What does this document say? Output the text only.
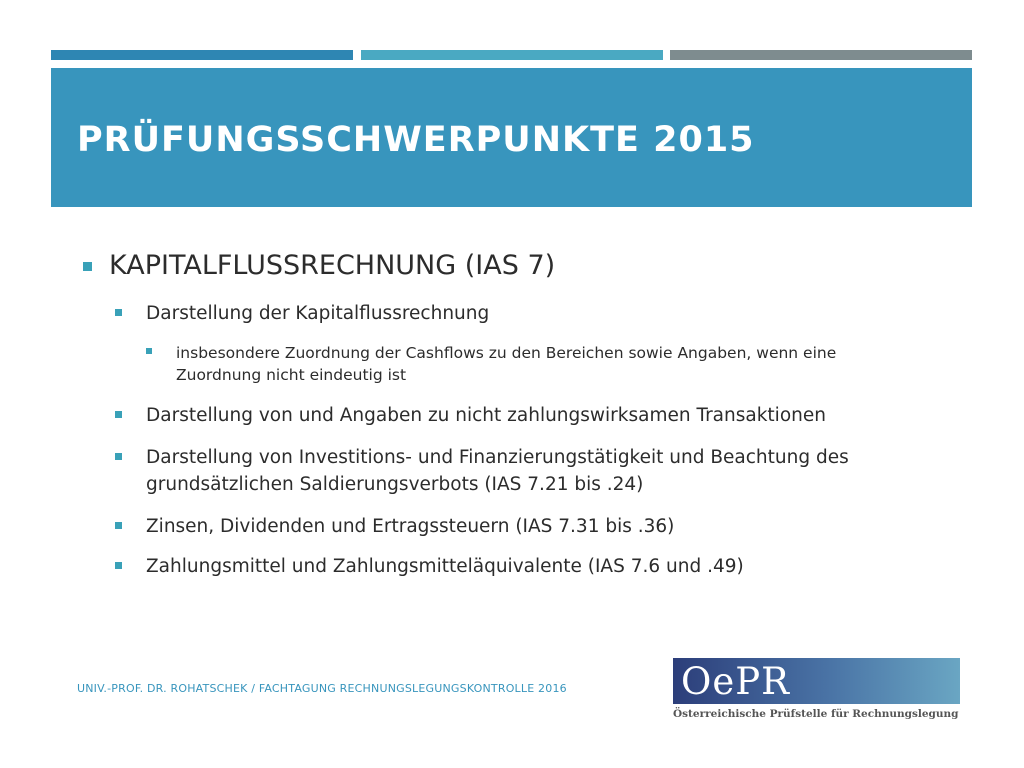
PRÜFUNGSSCHWERPUNKTE 2015
KAPITALFLUSSRECHNUNG (IAS 7)
Darstellung der Kapitalflussrechnung
insbesondere Zuordnung der Cashflows zu den Bereichen sowie Angaben, wenn eine Zuordnung nicht eindeutig ist
Darstellung von und Angaben zu nicht zahlungswirksamen Transaktionen
Darstellung von Investitions- und Finanzierungstätigkeit und Beachtung des grundsätzlichen Saldierungsverbots (IAS 7.21 bis .24)
Zinsen, Dividenden und Ertragssteuern (IAS 7.31 bis .36)
Zahlungsmittel und Zahlungsmitteläquivalente (IAS 7.6 und .49)
UNIV.-PROF. DR. ROHATSCHEK / FACHTAGUNG RECHNUNGSLEGUNGSKONTROLLE 2016	OePR
Österreichische Prüfstelle für Rechnungslegung
